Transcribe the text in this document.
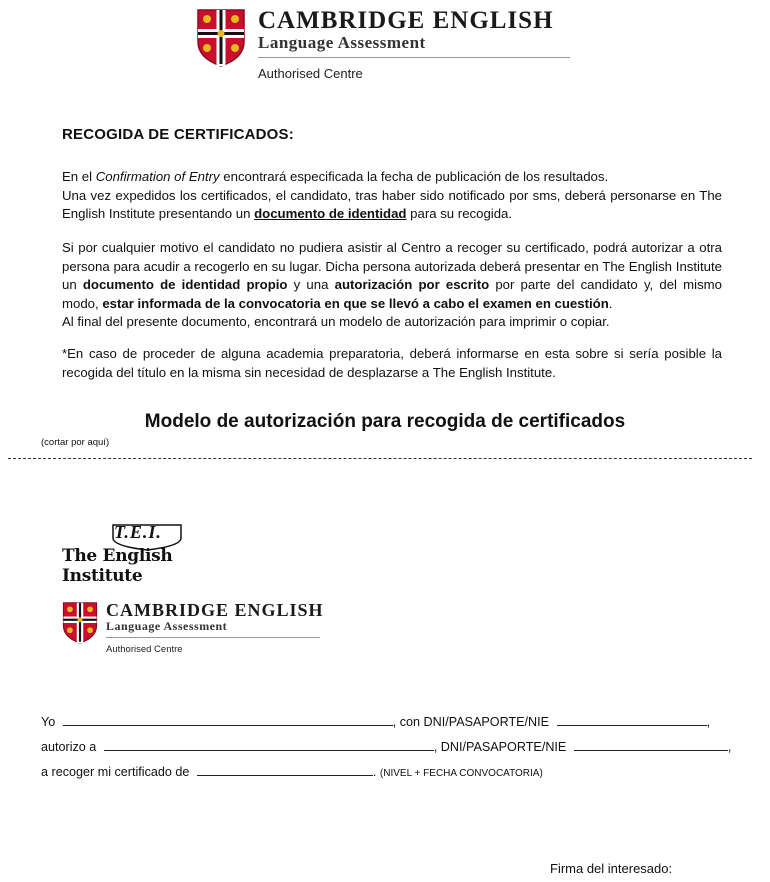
CAMBRIDGE ENGLISH
Language Assessment
Authorised Centre
RECOGIDA DE CERTIFICADOS:
En el Confirmation of Entry encontrará especificada la fecha de publicación de los resultados.
Una vez expedidos los certificados, el candidato, tras haber sido notificado por sms, deberá personarse en The English Institute presentando un documento de identidad para su recogida.
Si por cualquier motivo el candidato no pudiera asistir al Centro a recoger su certificado, podrá autorizar a otra persona para acudir a recogerlo en su lugar. Dicha persona autorizada deberá presentar en The English Institute un documento de identidad propio y una autorización por escrito por parte del candidato y, del mismo modo, estar informada de la convocatoria en que se llevó a cabo el examen en cuestión.
Al final del presente documento, encontrará un modelo de autorización para imprimir o copiar.
*En caso de proceder de alguna academia preparatoria, deberá informarse en esta sobre si sería posible la recogida del título en la misma sin necesidad de desplazarse a The English Institute.
Modelo de autorización para recogida de certificados
(cortar por aquí)
T.E.I.
The English Institute
CAMBRIDGE ENGLISH
Language Assessment
Authorised Centre
Yo	, con DNI/PASAPORTE/NIE	,
autorizo a	, DNI/PASAPORTE/NIE	,
a recoger mi certificado de	. (NIVEL + FECHA CONVOCATORIA)
Firma del interesado:
